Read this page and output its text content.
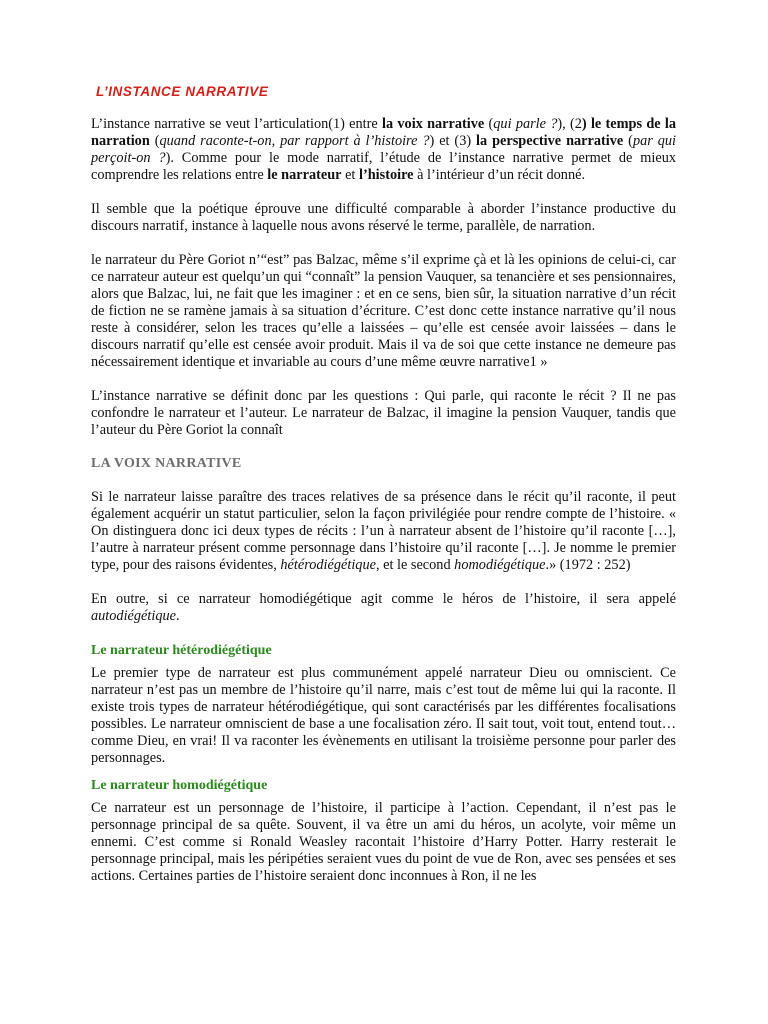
L’INSTANCE NARRATIVE

L’instance narrative se veut l’articulation(1) entre la voix narrative (qui parle ?), (2) le temps de la narration (quand raconte-t-on, par rapport à l’histoire ?) et (3) la perspective narrative (par qui perçoit-on ?). Comme pour le mode narratif, l’étude de l’instance narrative permet de mieux comprendre les relations entre le narrateur et l’histoire à l’intérieur d’un récit donné.

Il semble que la poétique éprouve une difficulté comparable à aborder l’instance productive du discours narratif, instance à laquelle nous avons réservé le terme, parallèle, de narration.

le narrateur du Père Goriot n’“est” pas Balzac, même s’il exprime çà et là les opinions de celui-ci, car ce narrateur auteur est quelqu’un qui “connaît” la pension Vauquer, sa tenancière et ses pensionnaires, alors que Balzac, lui, ne fait que les imaginer : et en ce sens, bien sûr, la situation narrative d’un récit de fiction ne se ramène jamais à sa situation d’écriture. C’est donc cette instance narrative qu’il nous reste à considérer, selon les traces qu’elle a laissées – qu’elle est censée avoir laissées – dans le discours narratif qu’elle est censée avoir produit. Mais il va de soi que cette instance ne demeure pas nécessairement identique et invariable au cours d’une même œuvre narrative1 »

L’instance narrative se définit donc par les questions : Qui parle, qui raconte le récit ? Il ne pas confondre le narrateur et l’auteur. Le narrateur de Balzac, il imagine la pension Vauquer, tandis que l’auteur du Père Goriot la connaît

LA VOIX NARRATIVE

Si le narrateur laisse paraître des traces relatives de sa présence dans le récit qu’il raconte, il peut également acquérir un statut particulier, selon la façon privilégiée pour rendre compte de l’histoire. « On distinguera donc ici deux types de récits : l’un à narrateur absent de l’histoire qu’il raconte […], l’autre à narrateur présent comme personnage dans l’histoire qu’il raconte […]. Je nomme le premier type, pour des raisons évidentes, hétérodiégétique, et le second homodiégétique.» (1972 : 252)

En outre, si ce narrateur homodiégétique agit comme le héros de l’histoire, il sera appelé autodiégétique.

Le narrateur hétérodiégétique

Le premier type de narrateur est plus communément appelé narrateur Dieu ou omniscient. Ce narrateur n’est pas un membre de l’histoire qu’il narre, mais c’est tout de même lui qui la raconte. Il existe trois types de narrateur hétérodiégétique, qui sont caractérisés par les différentes focalisations possibles. Le narrateur omniscient de base a une focalisation zéro. Il sait tout, voit tout, entend tout… comme Dieu, en vrai! Il va raconter les évènements en utilisant la troisième personne pour parler des personnages.

Le narrateur homodiégétique

Ce narrateur est un personnage de l’histoire, il participe à l’action. Cependant, il n’est pas le personnage principal de sa quête. Souvent, il va être un ami du héros, un acolyte, voir même un ennemi. C’est comme si Ronald Weasley racontait l’histoire d’Harry Potter. Harry resterait le personnage principal, mais les péripéties seraient vues du point de vue de Ron, avec ses pensées et ses actions. Certaines parties de l’histoire seraient donc inconnues à Ron, il ne les
